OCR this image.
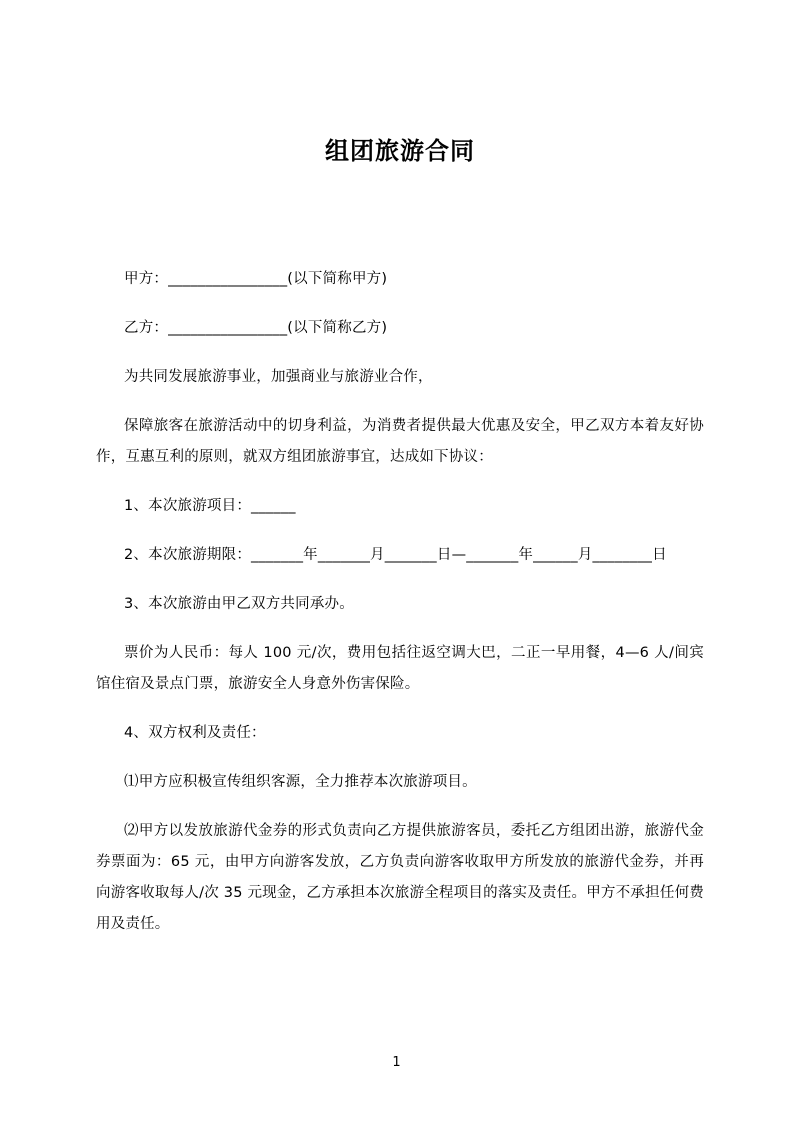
组团旅游合同

甲方：________________(以下简称甲方)

乙方：________________(以下简称乙方)

为共同发展旅游事业，加强商业与旅游业合作，

保障旅客在旅游活动中的切身利益，为消费者提供最大优惠及安全，甲乙双方本着友好协作，互惠互利的原则，就双方组团旅游事宜，达成如下协议：

1、本次旅游项目：______

2、本次旅游期限：_______年_______月_______日—_______年______月________日

3、本次旅游由甲乙双方共同承办。

票价为人民币：每人 100 元/次，费用包括往返空调大巴，二正一早用餐，4—6 人/间宾馆住宿及景点门票，旅游安全人身意外伤害保险。

4、双方权利及责任：

⑴甲方应积极宣传组织客源，全力推荐本次旅游项目。

⑵甲方以发放旅游代金券的形式负责向乙方提供旅游客员，委托乙方组团出游，旅游代金券票面为：65 元，由甲方向游客发放，乙方负责向游客收取甲方所发放的旅游代金券，并再向游客收取每人/次 35 元现金，乙方承担本次旅游全程项目的落实及责任。甲方不承担任何费用及责任。

1
